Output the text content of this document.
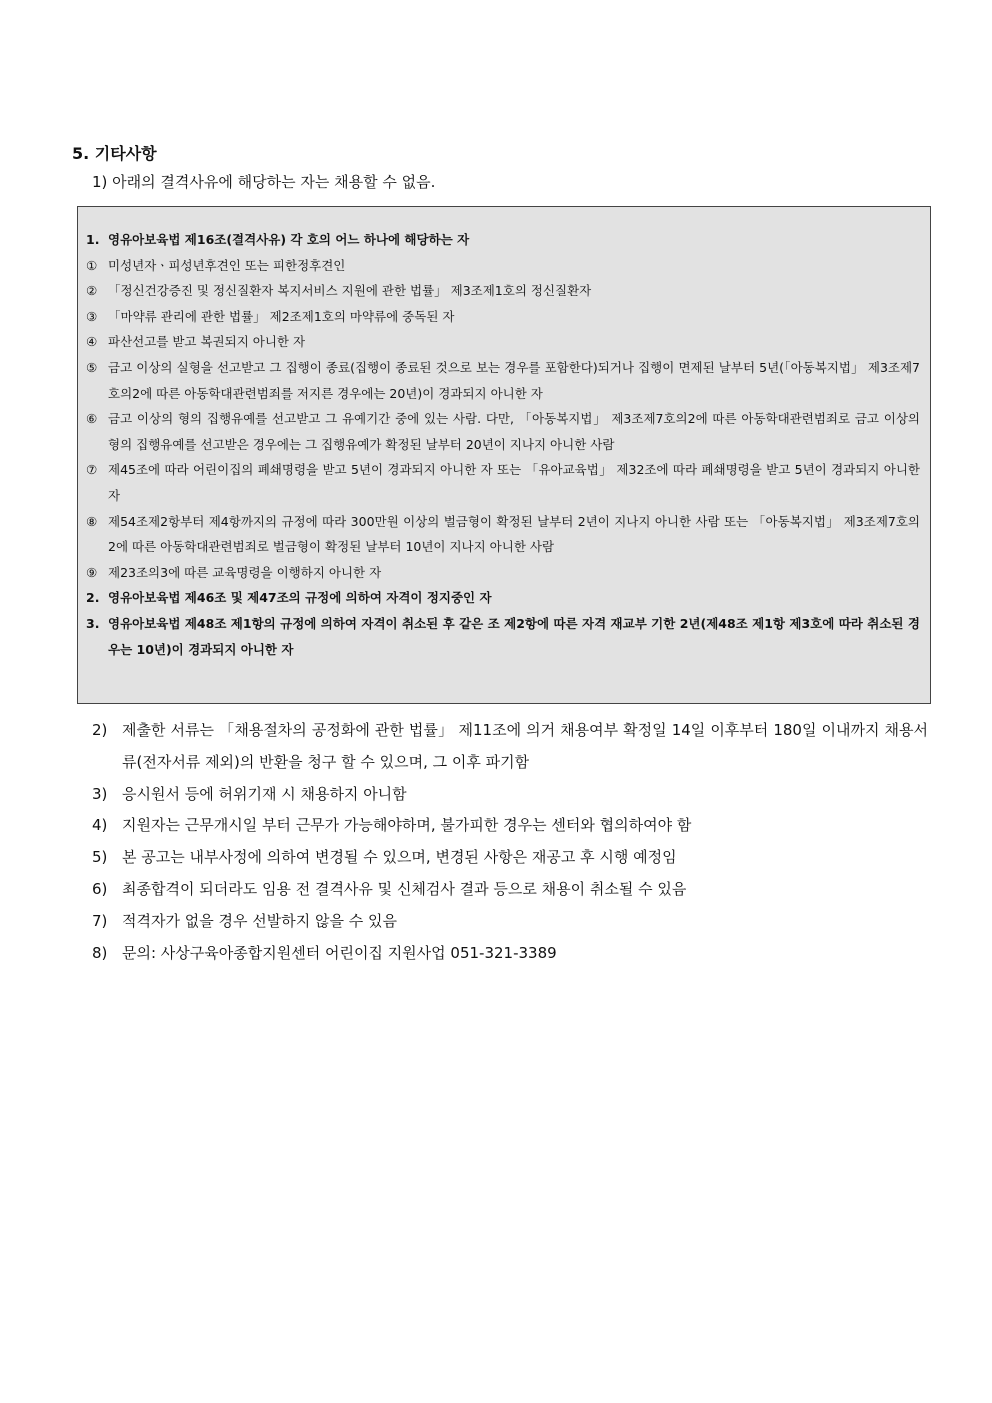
5. 기타사항
1) 아래의 결격사유에 해당하는 자는 채용할 수 없음.
1. 영유아보육법 제16조(결격사유) 각 호의 어느 하나에 해당하는 자
① 미성년자ㆍ피성년후견인 또는 피한정후견인
② 「정신건강증진 및 정신질환자 복지서비스 지원에 관한 법률」 제3조제1호의 정신질환자
③ 「마약류 관리에 관한 법률」 제2조제1호의 마약류에 중독된 자
④ 파산선고를 받고 복권되지 아니한 자
⑤ 금고 이상의 실형을 선고받고 그 집행이 종료(집행이 종료된 것으로 보는 경우를 포함한다)되거나 집행이 면제된 날부터 5년(「아동복지법」 제3조제7호의2에 따른 아동학대관련범죄를 저지른 경우에는 20년)이 경과되지 아니한 자
⑥ 금고 이상의 형의 집행유예를 선고받고 그 유예기간 중에 있는 사람. 다만, 「아동복지법」 제3조제7호의2에 따른 아동학대관련범죄로 금고 이상의 형의 집행유예를 선고받은 경우에는 그 집행유예가 확정된 날부터 20년이 지나지 아니한 사람
⑦ 제45조에 따라 어린이집의 폐쇄명령을 받고 5년이 경과되지 아니한 자 또는 「유아교육법」 제32조에 따라 폐쇄명령을 받고 5년이 경과되지 아니한 자
⑧ 제54조제2항부터 제4항까지의 규정에 따라 300만원 이상의 벌금형이 확정된 날부터 2년이 지나지 아니한 사람 또는 「아동복지법」 제3조제7호의2에 따른 아동학대관련범죄로 벌금형이 확정된 날부터 10년이 지나지 아니한 사람
⑨ 제23조의3에 따른 교육명령을 이행하지 아니한 자
2. 영유아보육법 제46조 및 제47조의 규정에 의하여 자격이 정지중인 자
3. 영유아보육법 제48조 제1항의 규정에 의하여 자격이 취소된 후 같은 조 제2항에 따른 자격 재교부 기한 2년(제48조 제1항 제3호에 따라 취소된 경우는 10년)이 경과되지 아니한 자
2) 제출한 서류는 「채용절차의 공정화에 관한 법률」 제11조에 의거 채용여부 확정일 14일 이후부터 180일 이내까지 채용서류(전자서류 제외)의 반환을 청구 할 수 있으며, 그 이후 파기함
3) 응시원서 등에 허위기재 시 채용하지 아니함
4) 지원자는 근무개시일 부터 근무가 가능해야하며, 불가피한 경우는 센터와 협의하여야 함
5) 본 공고는 내부사정에 의하여 변경될 수 있으며, 변경된 사항은 재공고 후 시행 예정임
6) 최종합격이 되더라도 임용 전 결격사유 및 신체검사 결과 등으로 채용이 취소될 수 있음
7) 적격자가 없을 경우 선발하지 않을 수 있음
8) 문의: 사상구육아종합지원센터 어린이집 지원사업 051-321-3389
